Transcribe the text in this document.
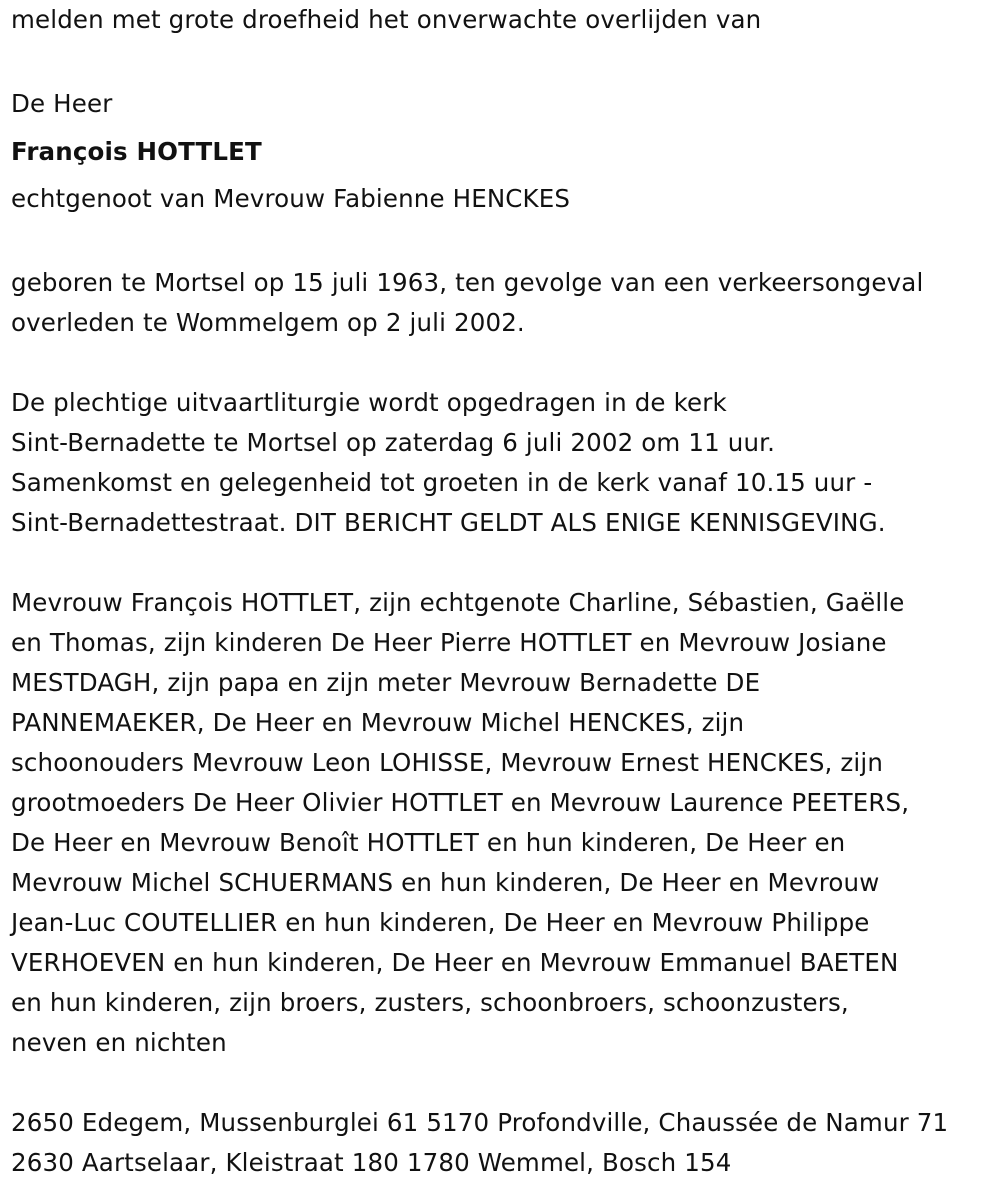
melden met grote droefheid het onverwachte overlijden van
De Heer
François HOTTLET
echtgenoot van Mevrouw Fabienne HENCKES
geboren te Mortsel op 15 juli 1963, ten gevolge van een verkeersongeval
overleden te Wommelgem op 2 juli 2002.
De plechtige uitvaartliturgie wordt opgedragen in de kerk
Sint-Bernadette te Mortsel op zaterdag 6 juli 2002 om 11 uur.
Samenkomst en gelegenheid tot groeten in de kerk vanaf 10.15 uur -
Sint-Bernadettestraat. DIT BERICHT GELDT ALS ENIGE KENNISGEVING.
Mevrouw François HOTTLET, zijn echtgenote Charline, Sébastien, Gaëlle
en Thomas, zijn kinderen De Heer Pierre HOTTLET en Mevrouw Josiane
MESTDAGH, zijn papa en zijn meter Mevrouw Bernadette DE
PANNEMAEKER, De Heer en Mevrouw Michel HENCKES, zijn
schoonouders Mevrouw Leon LOHISSE, Mevrouw Ernest HENCKES, zijn
grootmoeders De Heer Olivier HOTTLET en Mevrouw Laurence PEETERS,
De Heer en Mevrouw Benoît HOTTLET en hun kinderen, De Heer en
Mevrouw Michel SCHUERMANS en hun kinderen, De Heer en Mevrouw
Jean-Luc COUTELLIER en hun kinderen, De Heer en Mevrouw Philippe
VERHOEVEN en hun kinderen, De Heer en Mevrouw Emmanuel BAETEN
en hun kinderen, zijn broers, zusters, schoonbroers, schoonzusters,
neven en nichten
2650 Edegem, Mussenburglei 61 5170 Profondville, Chaussée de Namur 71
2630 Aartselaar, Kleistraat 180 1780 Wemmel, Bosch 154
